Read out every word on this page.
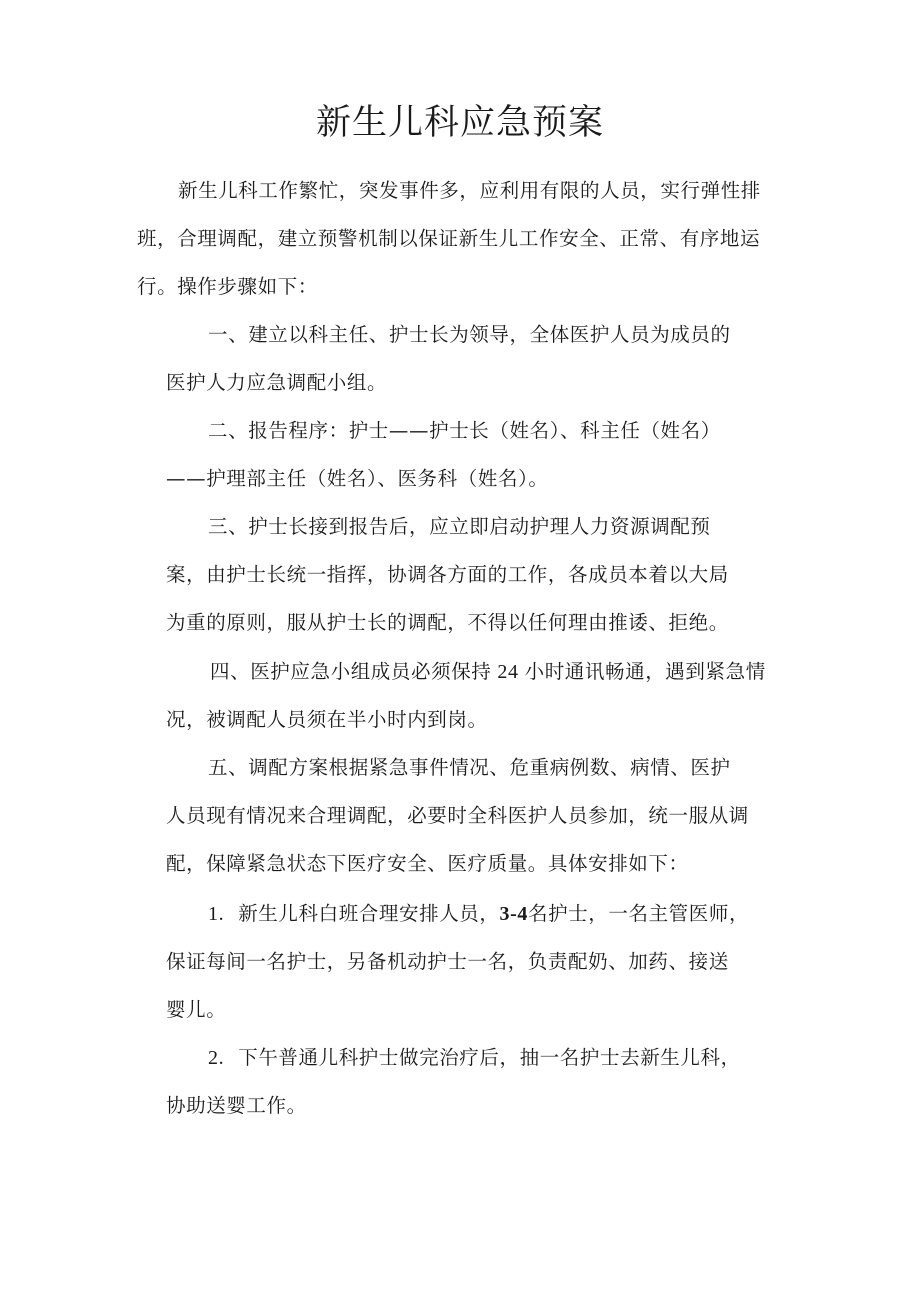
新生儿科应急预案
新生儿科工作繁忙，突发事件多，应利用有限的人员，实行弹性排
班，合理调配，建立预警机制以保证新生儿工作安全、正常、有序地运
行。操作步骤如下：
一、建立以科主任、护士长为领导，全体医护人员为成员的
医护人力应急调配小组。
二、报告程序：护士——护士长（姓名）、科主任（姓名）
——护理部主任（姓名）、医务科（姓名）。
三、护士长接到报告后，应立即启动护理人力资源调配预
案，由护士长统一指挥，协调各方面的工作，各成员本着以大局
为重的原则，服从护士长的调配，不得以任何理由推诿、拒绝。
四、医护应急小组成员必须保持 24 小时通讯畅通，遇到紧急情
况，被调配人员须在半小时内到岗。
五、调配方案根据紧急事件情况、危重病例数、病情、医护
人员现有情况来合理调配，必要时全科医护人员参加，统一服从调
配，保障紧急状态下医疗安全、医疗质量。具体安排如下：
1. 新生儿科白班合理安排人员，3-4名护士，一名主管医师，
保证每间一名护士，另备机动护士一名，负责配奶、加药、接送
婴儿。
2. 下午普通儿科护士做完治疗后，抽一名护士去新生儿科，
协助送婴工作。
